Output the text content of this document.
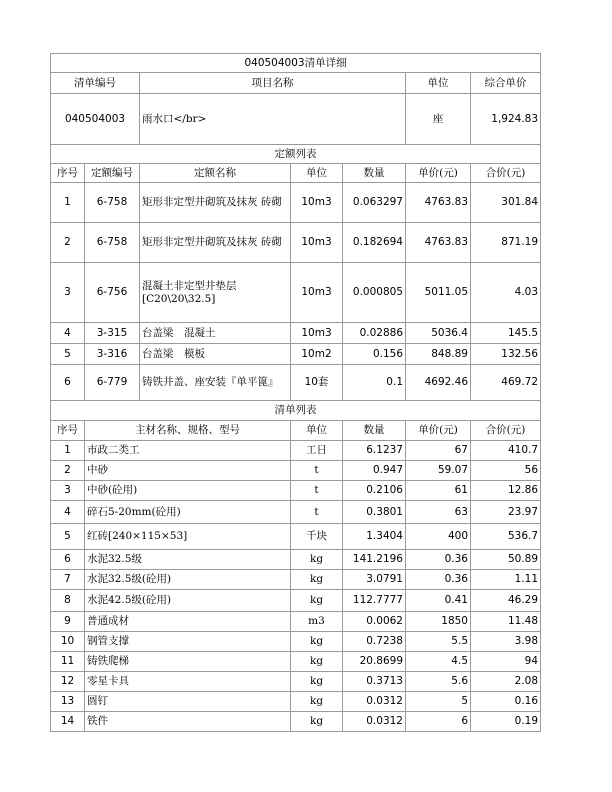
040504003清单详细						
清单编号		项目名称			单位	综合单价
040504003		雨水口</br>			座	1,924.83
定额列表						
序号	定额编号	定额名称	单位	数量	单价(元)	合价(元)
1	6-758	矩形非定型井砌筑及抹灰 砖砌	10m3	0.063297	4763.83	301.84
2	6-758	矩形非定型井砌筑及抹灰 砖砌	10m3	0.182694	4763.83	871.19
3	6-756	混凝土非定型井垫层[C20\20\32.5]	10m3	0.000805	5011.05	4.03
4	3-315	台盖梁　混凝土	10m3	0.02886	5036.4	145.5
5	3-316	台盖梁　模板	10m2	0.156	848.89	132.56
6	6-779	铸铁井盖、座安装『单平篦』	10套	0.1	4692.46	469.72
清单列表						
序号	主材名称、规格、型号		单位	数量	单价(元)	合价(元)
1	市政二类工		工日	6.1237	67	410.7
2	中砂		t	0.947	59.07	56
3	中砂(砼用)		t	0.2106	61	12.86
4	碎石5-20mm(砼用)		t	0.3801	63	23.97
5	红砖[240×115×53]		千块	1.3404	400	536.7
6	水泥32.5级		kg	141.2196	0.36	50.89
7	水泥32.5级(砼用)		kg	3.0791	0.36	1.11
8	水泥42.5级(砼用)		kg	112.7777	0.41	46.29
9	普通成材		m3	0.0062	1850	11.48
10	钢管支撑		kg	0.7238	5.5	3.98
11	铸铁爬梯		kg	20.8699	4.5	94
12	零星卡具		kg	0.3713	5.6	2.08
13	圆钉		kg	0.0312	5	0.16
14	铁件		kg	0.0312	6	0.19
